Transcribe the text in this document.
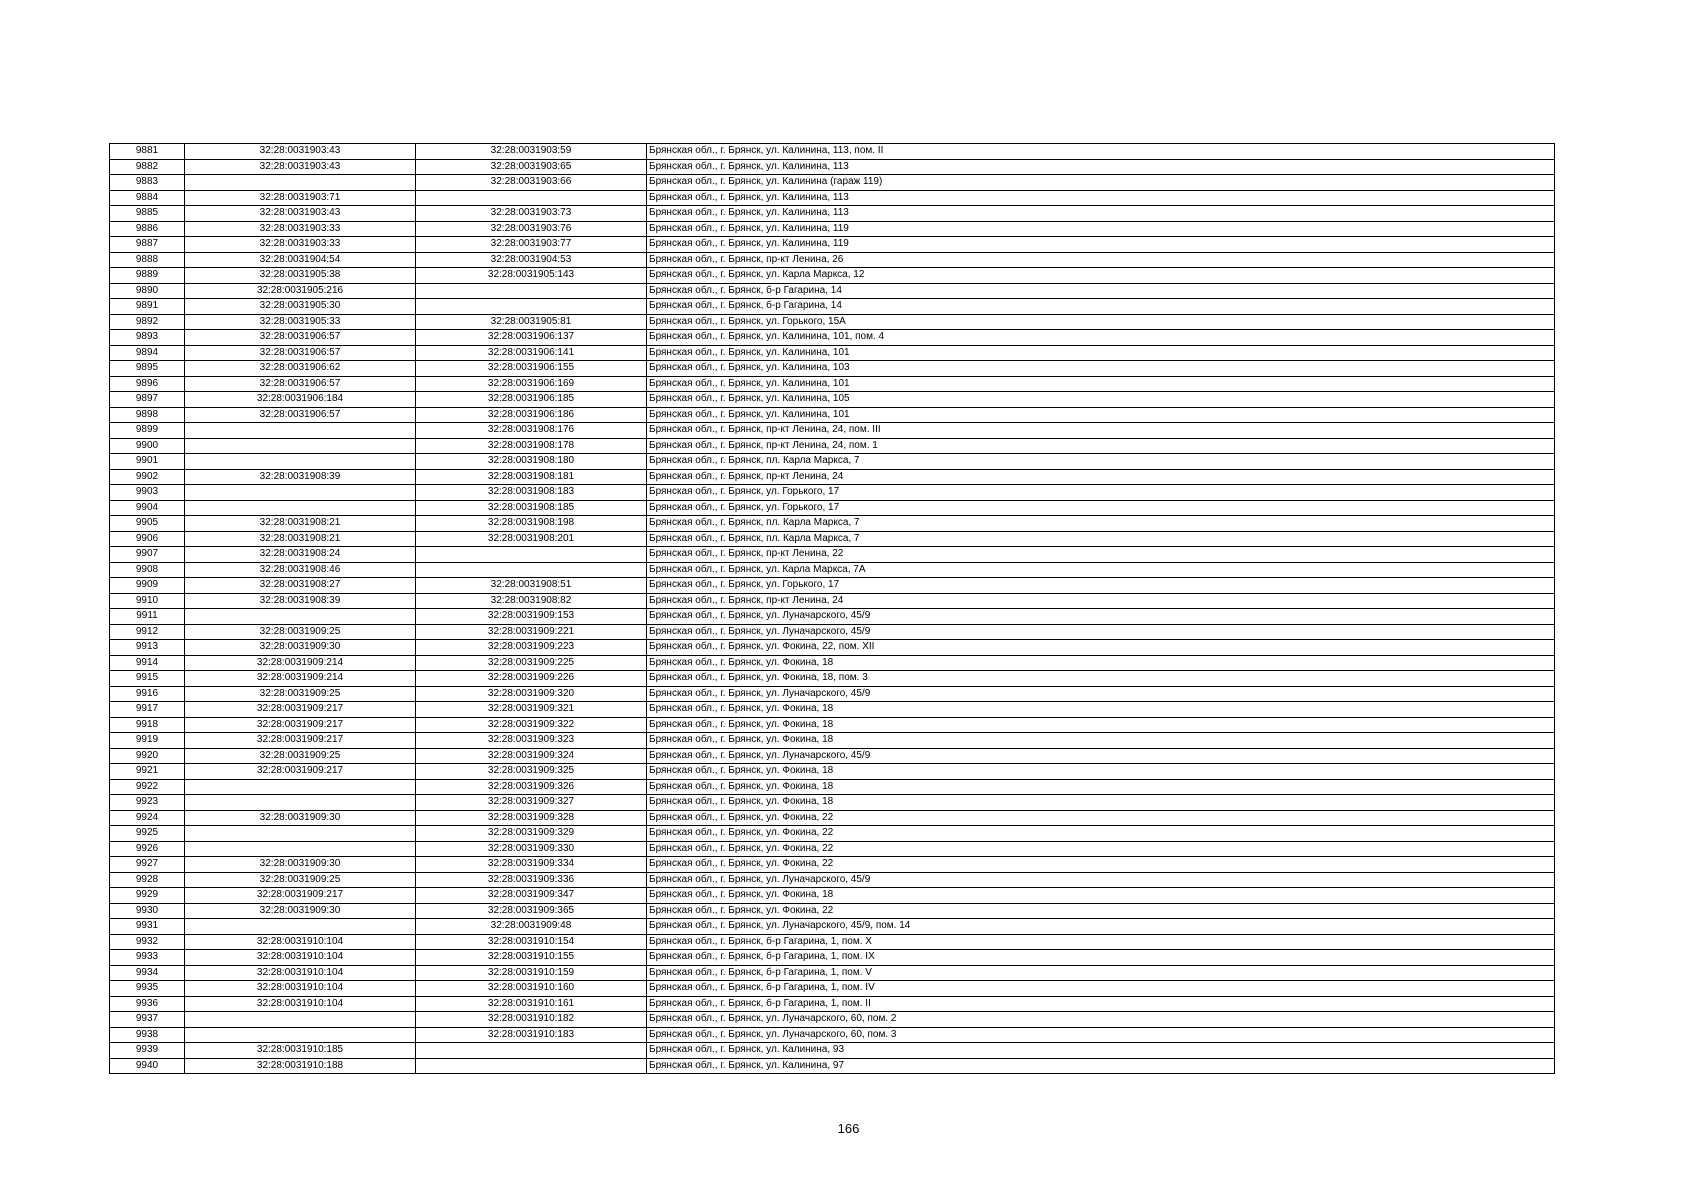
9881	32:28:0031903:43	32:28:0031903:59	Брянская обл., г. Брянск, ул. Калинина, 113, пом. II
9882	32:28:0031903:43	32:28:0031903:65	Брянская обл., г. Брянск, ул. Калинина, 113
9883		32:28:0031903:66	Брянская обл., г. Брянск, ул. Калинина (гараж 119)
9884	32:28:0031903:71		Брянская обл., г. Брянск, ул. Калинина, 113
9885	32:28:0031903:43	32:28:0031903:73	Брянская обл., г. Брянск, ул. Калинина, 113
9886	32:28:0031903:33	32:28:0031903:76	Брянская обл., г. Брянск, ул. Калинина, 119
9887	32:28:0031903:33	32:28:0031903:77	Брянская обл., г. Брянск, ул. Калинина, 119
9888	32:28:0031904:54	32:28:0031904:53	Брянская обл., г. Брянск, пр-кт Ленина, 26
9889	32:28:0031905:38	32:28:0031905:143	Брянская обл., г. Брянск, ул. Карла Маркса, 12
9890	32:28:0031905:216		Брянская обл., г. Брянск, б-р Гагарина, 14
9891	32:28:0031905:30		Брянская обл., г. Брянск, б-р Гагарина, 14
9892	32:28:0031905:33	32:28:0031905:81	Брянская обл., г. Брянск, ул. Горького, 15А
9893	32:28:0031906:57	32:28:0031906:137	Брянская обл., г. Брянск, ул. Калинина, 101, пом. 4
9894	32:28:0031906:57	32:28:0031906:141	Брянская обл., г. Брянск, ул. Калинина, 101
9895	32:28:0031906:62	32:28:0031906:155	Брянская обл., г. Брянск, ул. Калинина, 103
9896	32:28:0031906:57	32:28:0031906:169	Брянская обл., г. Брянск, ул. Калинина, 101
9897	32:28:0031906:184	32:28:0031906:185	Брянская обл., г. Брянск, ул. Калинина, 105
9898	32:28:0031906:57	32:28:0031906:186	Брянская обл., г. Брянск, ул. Калинина, 101
9899		32:28:0031908:176	Брянская обл., г. Брянск, пр-кт Ленина, 24, пом. III
9900		32:28:0031908:178	Брянская обл., г. Брянск, пр-кт Ленина, 24, пом. 1
9901		32:28:0031908:180	Брянская обл., г. Брянск, пл. Карла Маркса, 7
9902	32:28:0031908:39	32:28:0031908:181	Брянская обл., г. Брянск, пр-кт Ленина, 24
9903		32:28:0031908:183	Брянская обл., г. Брянск, ул. Горького, 17
9904		32:28:0031908:185	Брянская обл., г. Брянск, ул. Горького, 17
9905	32:28:0031908:21	32:28:0031908:198	Брянская обл., г. Брянск, пл. Карла Маркса, 7
9906	32:28:0031908:21	32:28:0031908:201	Брянская обл., г. Брянск, пл. Карла Маркса, 7
9907	32:28:0031908:24		Брянская обл., г. Брянск, пр-кт Ленина, 22
9908	32:28:0031908:46		Брянская обл., г. Брянск, ул. Карла Маркса, 7А
9909	32:28:0031908:27	32:28:0031908:51	Брянская обл., г. Брянск, ул. Горького, 17
9910	32:28:0031908:39	32:28:0031908:82	Брянская обл., г. Брянск, пр-кт Ленина, 24
9911		32:28:0031909:153	Брянская обл., г. Брянск, ул. Луначарского, 45/9
9912	32:28:0031909:25	32:28:0031909:221	Брянская обл., г. Брянск, ул. Луначарского, 45/9
9913	32:28:0031909:30	32:28:0031909:223	Брянская обл., г. Брянск, ул. Фокина, 22, пом. XII
9914	32:28:0031909:214	32:28:0031909:225	Брянская обл., г. Брянск, ул. Фокина, 18
9915	32:28:0031909:214	32:28:0031909:226	Брянская обл., г. Брянск, ул. Фокина, 18, пом. 3
9916	32:28:0031909:25	32:28:0031909:320	Брянская обл., г. Брянск, ул. Луначарского, 45/9
9917	32:28:0031909:217	32:28:0031909:321	Брянская обл., г. Брянск, ул. Фокина, 18
9918	32:28:0031909:217	32:28:0031909:322	Брянская обл., г. Брянск, ул. Фокина, 18
9919	32:28:0031909:217	32:28:0031909:323	Брянская обл., г. Брянск, ул. Фокина, 18
9920	32:28:0031909:25	32:28:0031909:324	Брянская обл., г. Брянск, ул. Луначарского, 45/9
9921	32:28:0031909:217	32:28:0031909:325	Брянская обл., г. Брянск, ул. Фокина, 18
9922		32:28:0031909:326	Брянская обл., г. Брянск, ул. Фокина, 18
9923		32:28:0031909:327	Брянская обл., г. Брянск, ул. Фокина, 18
9924	32:28:0031909:30	32:28:0031909:328	Брянская обл., г. Брянск, ул. Фокина, 22
9925		32:28:0031909:329	Брянская обл., г. Брянск, ул. Фокина, 22
9926		32:28:0031909:330	Брянская обл., г. Брянск, ул. Фокина, 22
9927	32:28:0031909:30	32:28:0031909:334	Брянская обл., г. Брянск, ул. Фокина, 22
9928	32:28:0031909:25	32:28:0031909:336	Брянская обл., г. Брянск, ул. Луначарского, 45/9
9929	32:28:0031909:217	32:28:0031909:347	Брянская обл., г. Брянск, ул. Фокина, 18
9930	32:28:0031909:30	32:28:0031909:365	Брянская обл., г. Брянск, ул. Фокина, 22
9931		32:28:0031909:48	Брянская обл., г. Брянск, ул. Луначарского, 45/9, пом. 14
9932	32:28:0031910:104	32:28:0031910:154	Брянская обл., г. Брянск, б-р Гагарина, 1, пом. X
9933	32:28:0031910:104	32:28:0031910:155	Брянская обл., г. Брянск, б-р Гагарина, 1, пом. IX
9934	32:28:0031910:104	32:28:0031910:159	Брянская обл., г. Брянск, б-р Гагарина, 1, пом. V
9935	32:28:0031910:104	32:28:0031910:160	Брянская обл., г. Брянск, б-р Гагарина, 1, пом. IV
9936	32:28:0031910:104	32:28:0031910:161	Брянская обл., г. Брянск, б-р Гагарина, 1, пом. II
9937		32:28:0031910:182	Брянская обл., г. Брянск, ул. Луначарского, 60, пом. 2
9938		32:28:0031910:183	Брянская обл., г. Брянск, ул. Луначарского, 60, пом. 3
9939	32:28:0031910:185		Брянская обл., г. Брянск, ул. Калинина, 93
9940	32:28:0031910:188		Брянская обл., г. Брянск, ул. Калинина, 97
166
